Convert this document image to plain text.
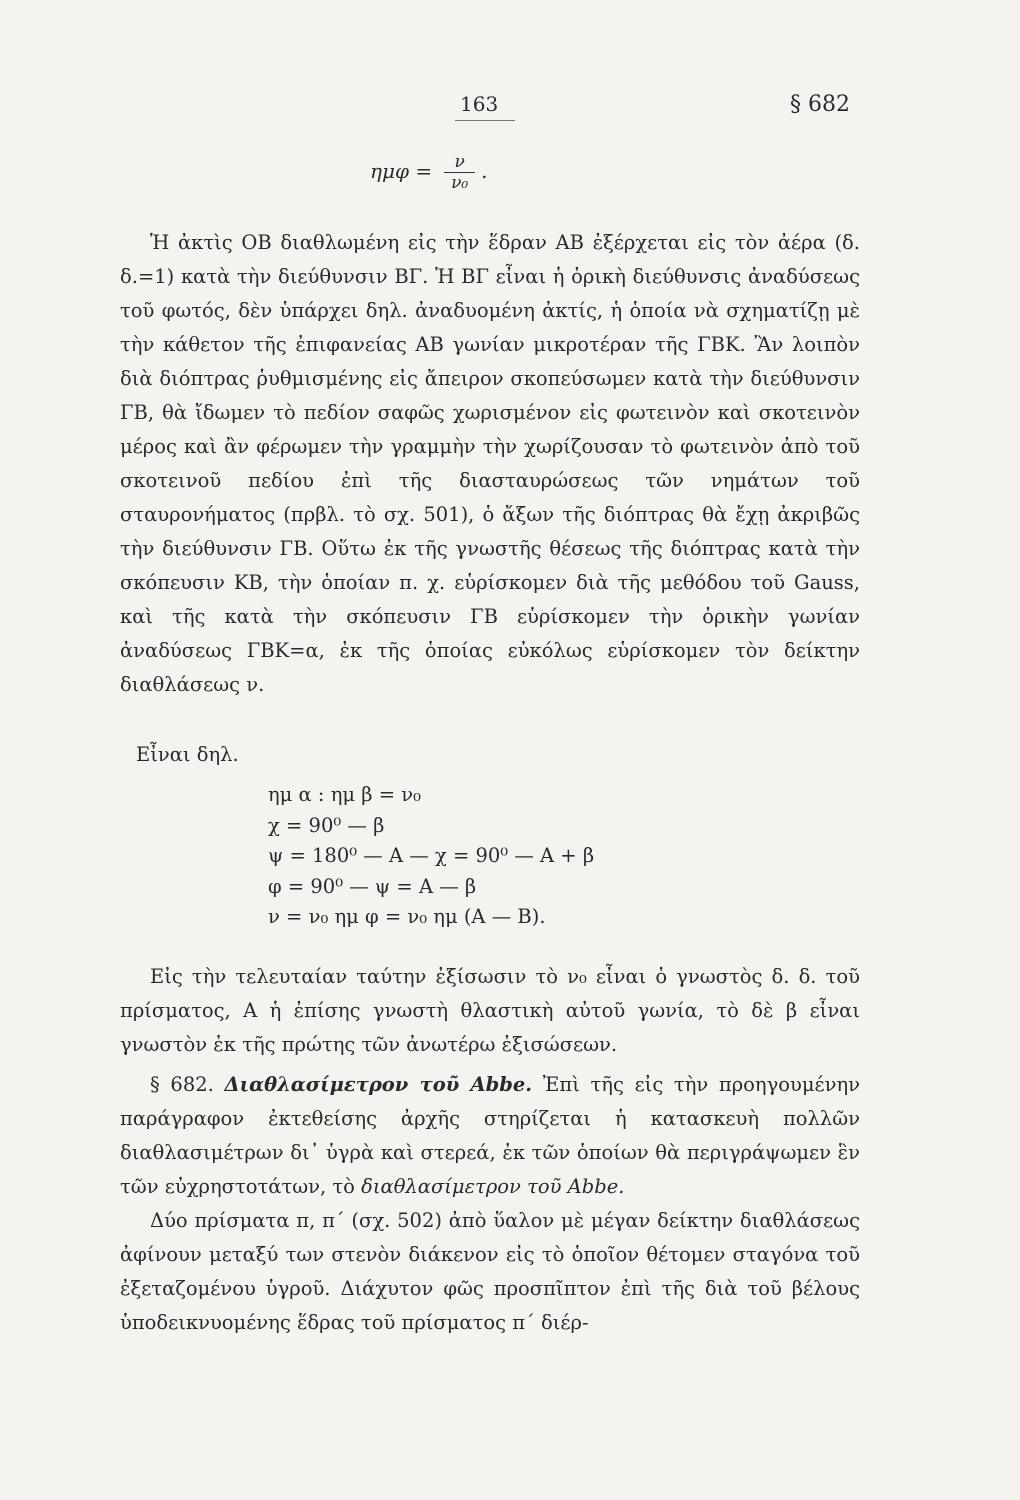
163	§ 682
$\eta\mu\varphi = \frac{\nu}{\text{ν₀}}$ .
Ἡ ἀκτὶς ΟΒ διαθλωμένη εἰς τὴν ἕδραν ΑΒ ἐξέρχεται εἰς τὸν ἀέρα (δ. δ.=1) κατὰ τὴν διεύθυνσιν ΒΓ. Ἡ ΒΓ εἶναι ἡ ὁρικὴ διεύθυνσις ἀναδύσεως τοῦ φωτός, δὲν ὑπάρχει δηλ. ἀναδυομένη ἀκτίς, ἡ ὁποία νὰ σχηματίζῃ μὲ τὴν κάθετον τῆς ἐπιφανείας ΑΒ γωνίαν μικροτέραν τῆς ΓΒΚ. Ἂν λοιπὸν διὰ διόπτρας ῥυθμισμένης εἰς ἄπειρον σκοπεύσωμεν κατὰ τὴν διεύθυνσιν ΓΒ, θὰ ἴδωμεν τὸ πεδίον σαφῶς χωρισμένον εἰς φωτεινὸν καὶ σκοτεινὸν μέρος καὶ ἂν φέρωμεν τὴν γραμμὴν τὴν χωρίζουσαν τὸ φωτεινὸν ἀπὸ τοῦ σκοτεινοῦ πεδίου ἐπὶ τῆς διασταυρώσεως τῶν νημάτων τοῦ σταυρονήματος (πρβλ. τὸ σχ. 501), ὁ ἄξων τῆς διόπτρας θὰ ἔχῃ ἀκριβῶς τὴν διεύθυνσιν ΓΒ. Οὕτω ἐκ τῆς γνωστῆς θέσεως τῆς διόπτρας κατὰ τὴν σκόπευσιν ΚΒ, τὴν ὁποίαν π. χ. εὑρίσκομεν διὰ τῆς μεθόδου τοῦ Gauss, καὶ τῆς κατὰ τὴν σκόπευσιν ΓΒ εὑρίσκομεν τὴν ὁρικὴν γωνίαν ἀναδύσεως ΓΒΚ=α, ἐκ τῆς ὁποίας εὐκόλως εὑρίσκομεν τὸν δείκτην διαθλάσεως ν.
Εἶναι δηλ.
ημ α : ημ β = ν₀
χ = 90⁰ — β
ψ = 180⁰ — Α — χ = 90⁰ — Α + β
φ = 90⁰ — ψ = Α — β
ν = ν₀ ημ φ = ν₀ ημ (Α — Β).
Εἰς τὴν τελευταίαν ταύτην ἐξίσωσιν τὸ ν₀ εἶναι ὁ γνωστὸς δ. δ. τοῦ πρίσματος, Α ἡ ἐπίσης γνωστὴ θλαστικὴ αὐτοῦ γωνία, τὸ δὲ β εἶναι γνωστὸν ἐκ τῆς πρώτης τῶν ἀνωτέρω ἐξισώσεων.
§ 682. Διαθλασίμετρον τοῦ Abbe. Ἐπὶ τῆς εἰς τὴν προηγουμένην παράγραφον ἐκτεθείσης ἀρχῆς στηρίζεται ἡ κατασκευὴ πολλῶν διαθλασιμέτρων δι᾽ ὑγρὰ καὶ στερεά, ἐκ τῶν ὁποίων θὰ περιγράψωμεν ἓν τῶν εὐχρηστοτάτων, τὸ διαθλασίμετρον τοῦ Abbe.
Δύο πρίσματα π, π΄ (σχ. 502) ἀπὸ ὕαλον μὲ μέγαν δείκτην διαθλάσεως ἀφίνουν μεταξύ των στενὸν διάκενον εἰς τὸ ὁποῖον θέτομεν σταγόνα τοῦ ἐξεταζομένου ὑγροῦ. Διάχυτον φῶς προσπῖπτον ἐπὶ τῆς διὰ τοῦ βέλους ὑποδεικνυομένης ἕδρας τοῦ πρίσματος π΄ διέρ-
